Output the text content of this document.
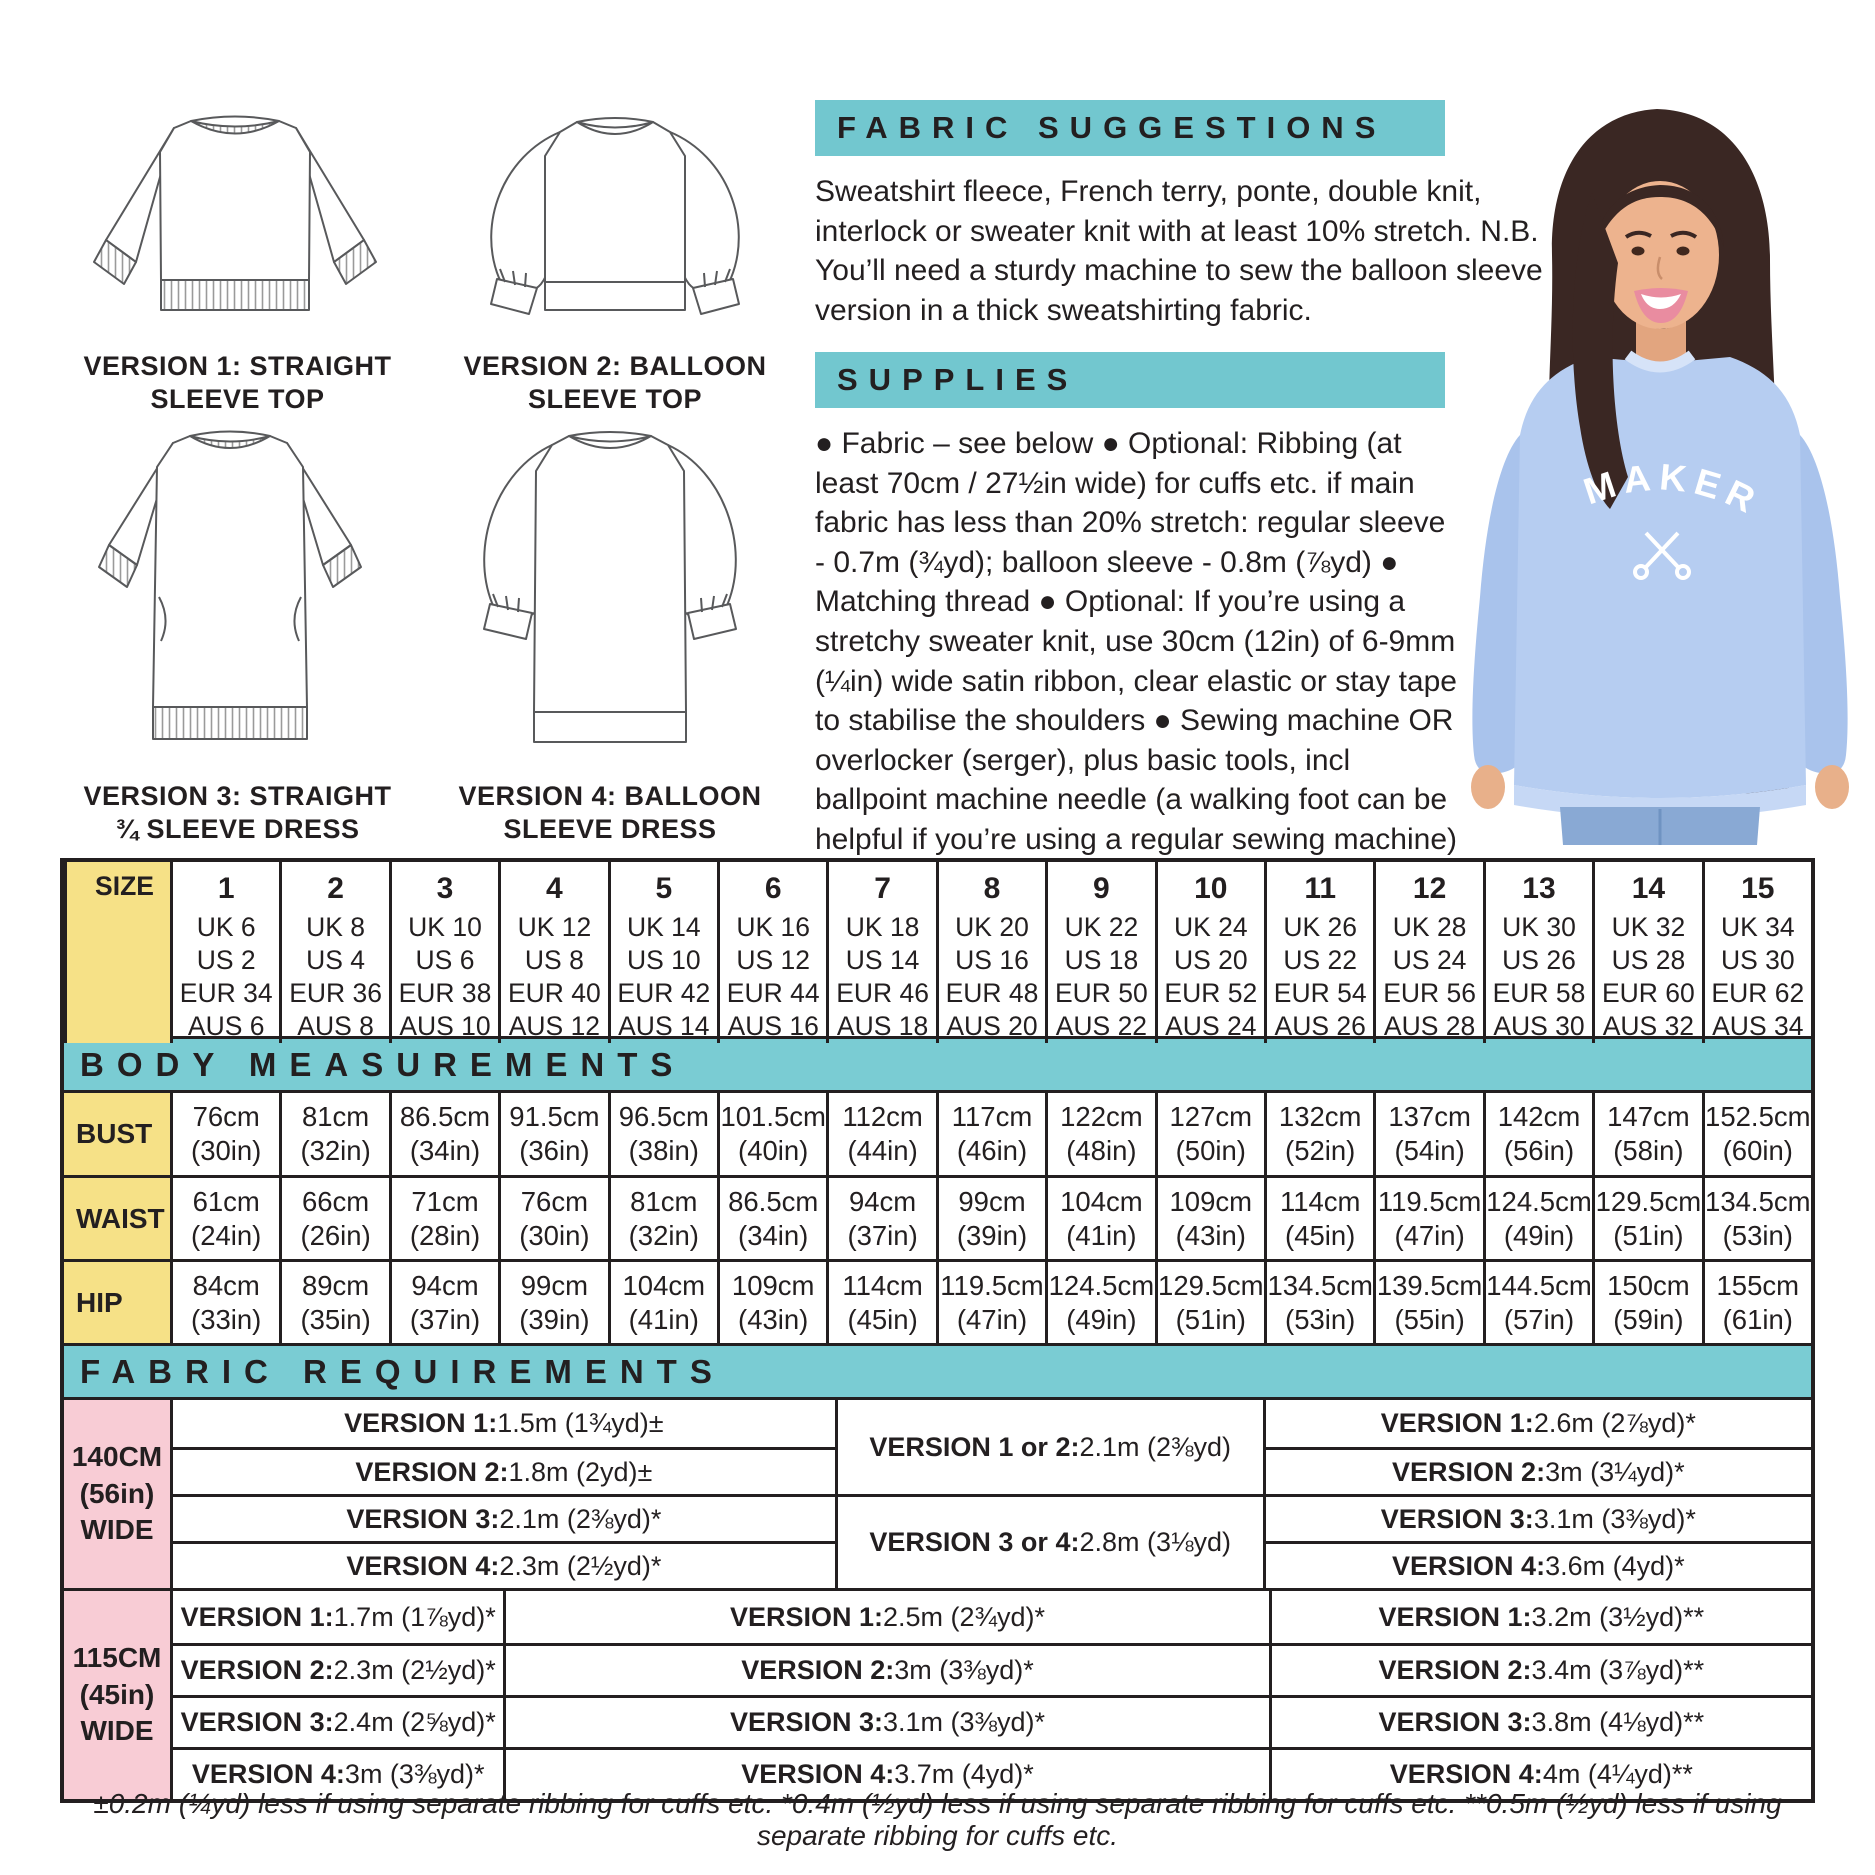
VERSION 1: STRAIGHT
SLEEVE TOP
VERSION 2: BALLOON
SLEEVE TOP
VERSION 3: STRAIGHT
¾ SLEEVE DRESS
VERSION 4: BALLOON
SLEEVE DRESS
FABRIC SUGGESTIONS
Sweatshirt fleece, French terry, ponte, double knit, interlock or sweater knit with at least 10% stretch. N.B. You’ll need a sturdy machine to sew the balloon sleeve version in a thick sweatshirting fabric.
SUPPLIES
● Fabric – see below ● Optional: Ribbing (at least 70cm / 27½in wide) for cuffs etc. if main fabric has less than 20% stretch: regular sleeve - 0.7m (¾yd); balloon sleeve - 0.8m (⅞yd) ● Matching thread ● Optional: If you’re using a stretchy sweater knit, use 30cm (12in) of 6-9mm (¼in) wide satin ribbon, clear elastic or stay tape to stabilise the shoulders ● Sewing machine OR overlocker (serger), plus basic tools, incl ballpoint machine needle (a walking foot can be helpful if you’re using a regular sewing machine)
MAKER
SIZE	1
UK 6
US 2
EUR 34
AUS 6
2
UK 8
US 4
EUR 36
AUS 8
3
UK 10
US 6
EUR 38
AUS 10
4
UK 12
US 8
EUR 40
AUS 12
5
UK 14
US 10
EUR 42
AUS 14
6
UK 16
US 12
EUR 44
AUS 16
7
UK 18
US 14
EUR 46
AUS 18
8
UK 20
US 16
EUR 48
AUS 20
9
UK 22
US 18
EUR 50
AUS 22
10
UK 24
US 20
EUR 52
AUS 24
11
UK 26
US 22
EUR 54
AUS 26
12
UK 28
US 24
EUR 56
AUS 28
13
UK 30
US 26
EUR 58
AUS 30
14
UK 32
US 28
EUR 60
AUS 32
15
UK 34
US 30
EUR 62
AUS 34
BODY MEASUREMENTS
BUST
76cm
(30in)
81cm
(32in)
86.5cm
(34in)
91.5cm
(36in)
96.5cm
(38in)
101.5cm
(40in)
112cm
(44in)
117cm
(46in)
122cm
(48in)
127cm
(50in)
132cm
(52in)
137cm
(54in)
142cm
(56in)
147cm
(58in)
152.5cm
(60in)
WAIST
61cm
(24in)
66cm
(26in)
71cm
(28in)
76cm
(30in)
81cm
(32in)
86.5cm
(34in)
94cm
(37in)
99cm
(39in)
104cm
(41in)
109cm
(43in)
114cm
(45in)
119.5cm
(47in)
124.5cm
(49in)
129.5cm
(51in)
134.5cm
(53in)
HIP
84cm
(33in)
89cm
(35in)
94cm
(37in)
99cm
(39in)
104cm
(41in)
109cm
(43in)
114cm
(45in)
119.5cm
(47in)
124.5cm
(49in)
129.5cm
(51in)
134.5cm
(53in)
139.5cm
(55in)
144.5cm
(57in)
150cm
(59in)
155cm
(61in)
FABRIC REQUIREMENTS
140CM
(56in)
WIDE
VERSION 1: 1.5m (1¾yd)±
VERSION 2: 1.8m (2yd)±
VERSION 3: 2.1m (2⅜yd)*
VERSION 4: 2.3m (2½yd)*
VERSION 1 or 2: 2.1m (2⅜yd)
VERSION 3 or 4: 2.8m (3⅛yd)
VERSION 1: 2.6m (2⅞yd)*
VERSION 2: 3m (3¼yd)*
VERSION 3: 3.1m (3⅜yd)*
VERSION 4: 3.6m (4yd)*
115CM
(45in)
WIDE
VERSION 1: 1.7m (1⅞yd)*
VERSION 2: 2.3m (2½yd)*
VERSION 3: 2.4m (2⅝yd)*
VERSION 4: 3m (3⅜yd)*
VERSION 1: 2.5m (2¾yd)*
VERSION 2: 3m (3⅜yd)*
VERSION 3: 3.1m (3⅜yd)*
VERSION 4: 3.7m (4yd)*
VERSION 1: 3.2m (3½yd)**
VERSION 2: 3.4m (3⅞yd)**
VERSION 3: 3.8m (4⅛yd)**
VERSION 4: 4m (4¼yd)**
±0.2m (¼yd) less if using separate ribbing for cuffs etc. *0.4m (½yd) less if using separate ribbing for cuffs etc. **0.5m (½yd) less if using separate ribbing for cuffs etc.
